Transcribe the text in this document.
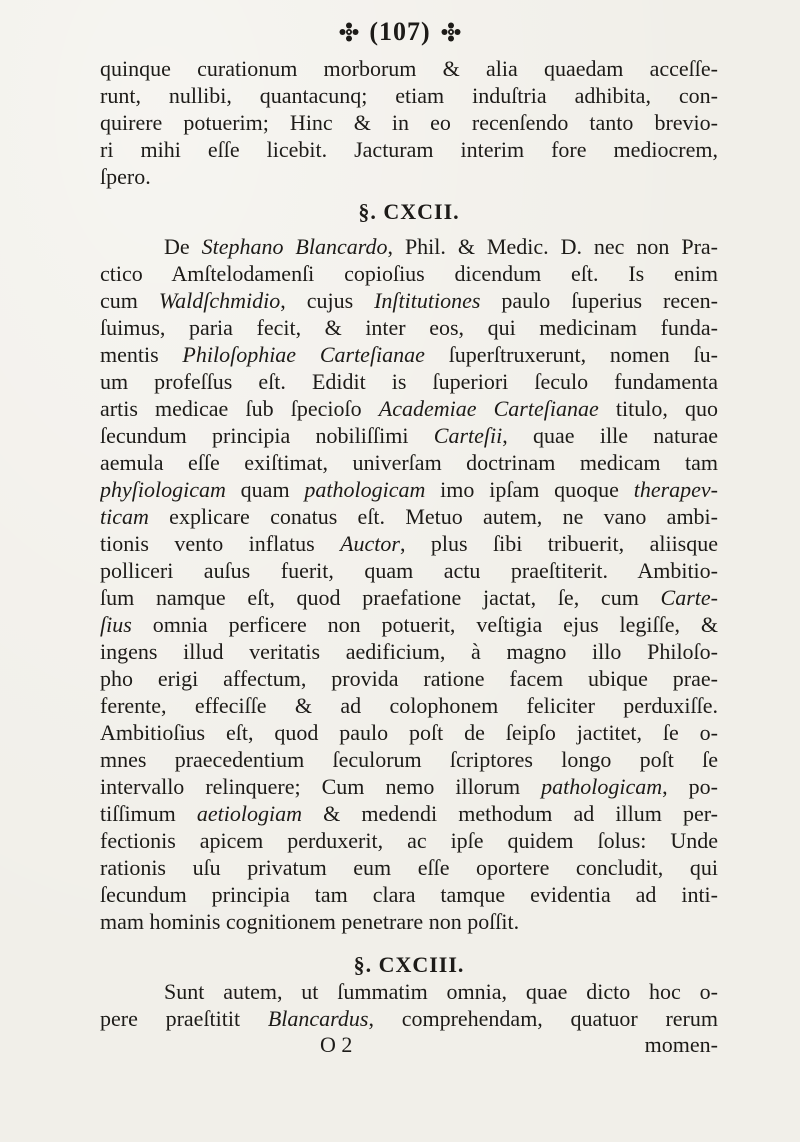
(107)
quinque curationum morborum & alia quaedam acceſſe-
runt, nullibi, quantacunq; etiam induſtria adhibita, con-
quirere potuerim; Hinc & in eo recenſendo tanto brevio-
ri mihi eſſe licebit. Jacturam interim fore mediocrem,
ſpero.
§. CXCII.
De Stephano Blancardo, Phil. & Medic. D. nec non Pra-
ctico Amſtelodamenſi copioſius dicendum eſt. Is enim
cum Waldſchmidio, cujus Inſtitutiones paulo ſuperius recen-
ſuimus, paria fecit, & inter eos, qui medicinam funda-
mentis Philoſophiae Carteſianae ſuperſtruxerunt, nomen ſu-
um profeſſus eſt. Edidit is ſuperiori ſeculo fundamenta
artis medicae ſub ſpecioſo Academiae Carteſianae titulo, quo
ſecundum principia nobiliſſimi Carteſii, quae ille naturae
aemula eſſe exiſtimat, univerſam doctrinam medicam tam
phyſiologicam quam pathologicam imo ipſam quoque therapev-
ticam explicare conatus eſt. Metuo autem, ne vano ambi-
tionis vento inflatus Auctor, plus ſibi tribuerit, aliisque
polliceri auſus fuerit, quam actu praeſtiterit. Ambitio-
ſum namque eſt, quod praefatione jactat, ſe, cum Carte-
ſius omnia perficere non potuerit, veſtigia ejus legiſſe, &
ingens illud veritatis aedificium, à magno illo Philoſo-
pho erigi affectum, provida ratione facem ubique prae-
ferente, effeciſſe & ad colophonem feliciter perduxiſſe.
Ambitioſius eſt, quod paulo poſt de ſeipſo jactitet, ſe o-
mnes praecedentium ſeculorum ſcriptores longo poſt ſe
intervallo relinquere; Cum nemo illorum pathologicam, po-
tiſſimum aetiologiam & medendi methodum ad illum per-
fectionis apicem perduxerit, ac ipſe quidem ſolus: Unde
rationis uſu privatum eum eſſe oportere concludit, qui
ſecundum principia tam clara tamque evidentia ad inti-
mam hominis cognitionem penetrare non poſſit.
§. CXCIII.
Sunt autem, ut ſummatim omnia, quae dicto hoc o-
pere praeſtitit Blancardus, comprehendam, quatuor rerum
O 2	momen-
